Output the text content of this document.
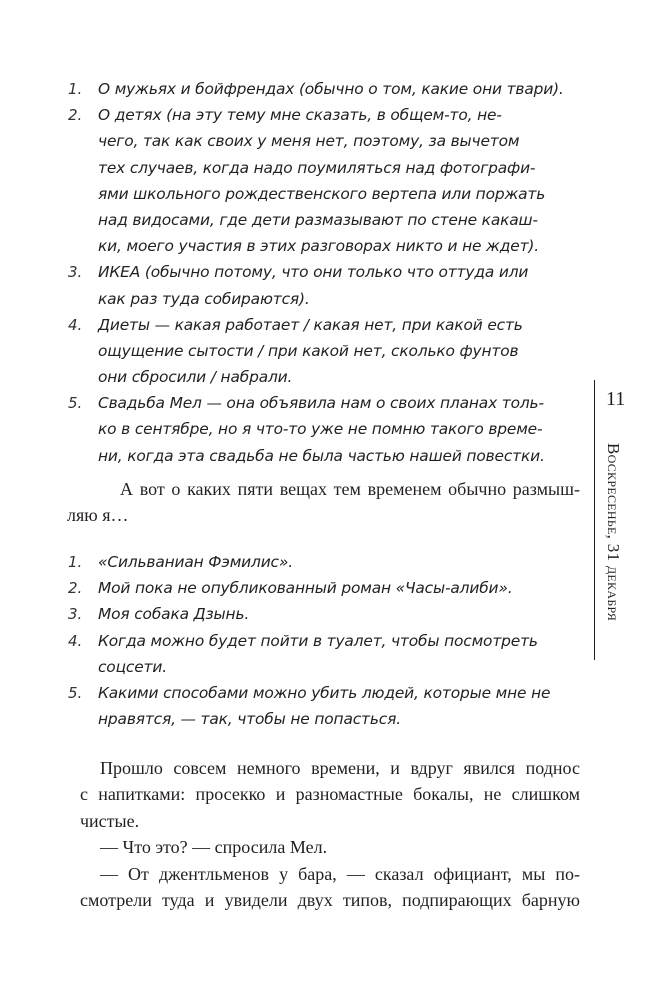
1. О мужьях и бойфрендах (обычно о том, какие они твари).
2. О детях (на эту тему мне сказать, в общем-то, не-
чего, так как своих у меня нет, поэтому, за вычетом
тех случаев, когда надо поумиляться над фотографи-
ями школьного рождественского вертепа или поржать
над видосами, где дети размазывают по стене какаш-
ки, моего участия в этих разговорах никто и не ждет).
3. ИКЕА (обычно потому, что они только что оттуда или
как раз туда собираются).
4. Диеты — какая работает / какая нет, при какой есть
ощущение сытости / при какой нет, сколько фунтов
они сбросили / набрали.
5. Свадьба Мел — она объявила нам о своих планах толь-
ко в сентябре, но я что-то уже не помню такого време-
ни, когда эта свадьба не была частью нашей повестки.
А вот о каких пяти вещах тем временем обычно размыш-
ляю я…
1. «Сильваниан Фэмилис».
2. Мой пока не опубликованный роман «Часы-алиби».
3. Моя собака Дзынь.
4. Когда можно будет пойти в туалет, чтобы посмотреть
соцсети.
5. Какими способами можно убить людей, которые мне не
нравятся, — так, чтобы не попасться.
Прошло совсем немного времени, и вдруг явился поднос
с напитками: просекко и разномастные бокалы, не слишком
чистые.
— Что это? — спросила Мел.
— От джентльменов у бара, — сказал официант, мы по-
смотрели туда и увидели двух типов, подпирающих барную
11
Воскресенье, 31 декабря
